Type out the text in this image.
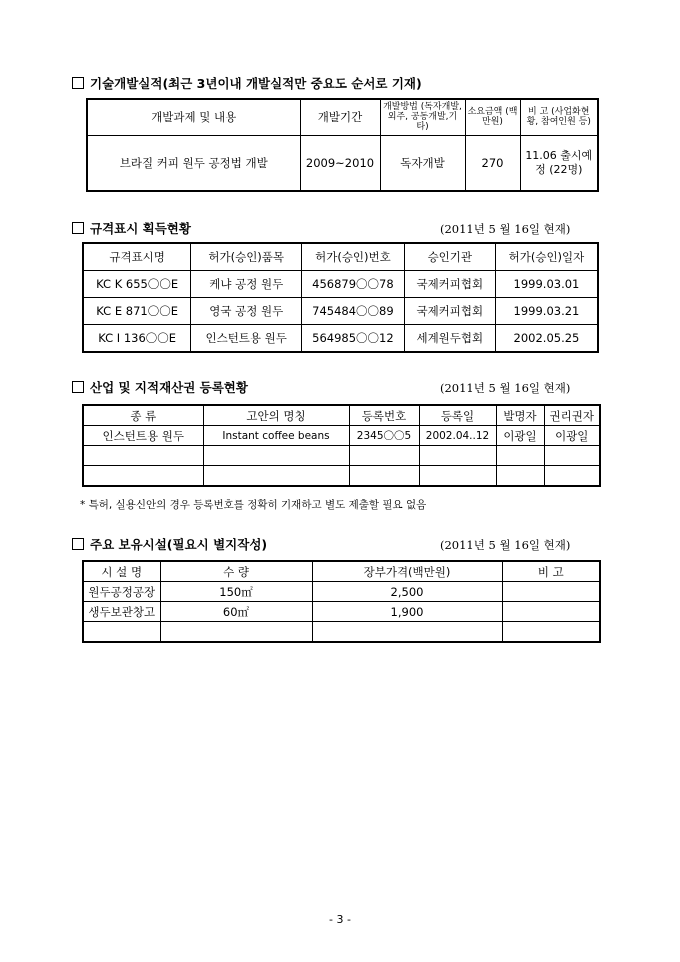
기술개발실적(최근 3년이내 개발실적만 중요도 순서로 기재)
개발과제 및 내용	개발기간	개발방법 (독자개발,외주, 공동개발,기타)	소요금액 (백만원)	비 고 (사업화현황, 참여인원 등)
브라질 커피 원두 공정법 개발	2009~2010	독자개발	270	11.06 출시예정 (22명)
규격표시 획득현황	(2011년 5 월 16일 현재)
규격표시명	허가(승인)품목	허가(승인)번호	승인기관	허가(승인)일자
KC K 655〇〇E	케냐 공정 원두	456879〇〇78	국제커피협회	1999.03.01
KC E 871〇〇E	영국 공정 원두	745484〇〇89	국제커피협회	1999.03.21
KC I 136〇〇E	인스턴트용 원두	564985〇〇12	세계원두협회	2002.05.25
산업 및 지적재산권 등록현황	(2011년 5 월 16일 현재)
종 류	고안의 명칭	등록번호	등록일	발명자	권리권자
인스턴트용 원두	Instant coffee beans	2345〇〇5	2002.04..12	이광일	이광일

* 특허, 실용신안의 경우 등록번호를 정확히 기재하고 별도 제출할 필요 없음
주요 보유시설(필요시 별지작성)	(2011년 5 월 16일 현재)
시 설 명	수 량	장부가격(백만원)	비 고
원두공정공장	150㎡	2,500	
생두보관창고	60㎡	1,900	

- 3 -
